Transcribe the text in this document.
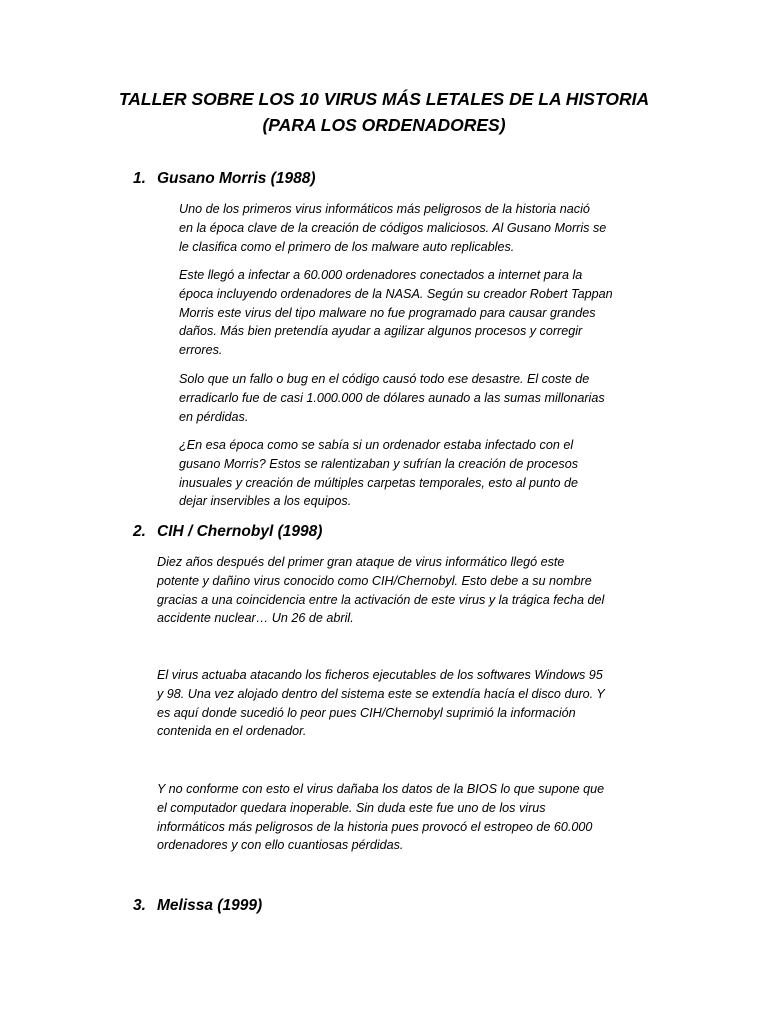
TALLER SOBRE LOS 10 VIRUS MÁS LETALES DE LA HISTORIA
(PARA LOS ORDENADORES)
1. Gusano Morris (1988)
Uno de los primeros virus informáticos más peligrosos de la historia nació
en la época clave de la creación de códigos maliciosos. Al Gusano Morris se
le clasifica como el primero de los malware auto replicables.
Este llegó a infectar a 60.000 ordenadores conectados a internet para la
época incluyendo ordenadores de la NASA. Según su creador Robert Tappan
Morris este virus del tipo malware no fue programado para causar grandes
daños. Más bien pretendía ayudar a agilizar algunos procesos y corregir
errores.
Solo que un fallo o bug en el código causó todo ese desastre. El coste de
erradicarlo fue de casi 1.000.000 de dólares aunado a las sumas millonarias
en pérdidas.
¿En esa época como se sabía si un ordenador estaba infectado con el
gusano Morris? Estos se ralentizaban y sufrían la creación de procesos
inusuales y creación de múltiples carpetas temporales, esto al punto de
dejar inservibles a los equipos.
2. CIH / Chernobyl (1998)
Diez años después del primer gran ataque de virus informático llegó este
potente y dañino virus conocido como CIH/Chernobyl. Esto debe a su nombre
gracias a una coincidencia entre la activación de este virus y la trágica fecha del
accidente nuclear… Un 26 de abril.
El virus actuaba atacando los ficheros ejecutables de los softwares Windows 95
y 98. Una vez alojado dentro del sistema este se extendía hacía el disco duro. Y
es aquí donde sucedió lo peor pues CIH/Chernobyl suprimió la información
contenida en el ordenador.
Y no conforme con esto el virus dañaba los datos de la BIOS lo que supone que
el computador quedara inoperable. Sin duda este fue uno de los virus
informáticos más peligrosos de la historia pues provocó el estropeo de 60.000
ordenadores y con ello cuantiosas pérdidas.
3. Melissa (1999)
